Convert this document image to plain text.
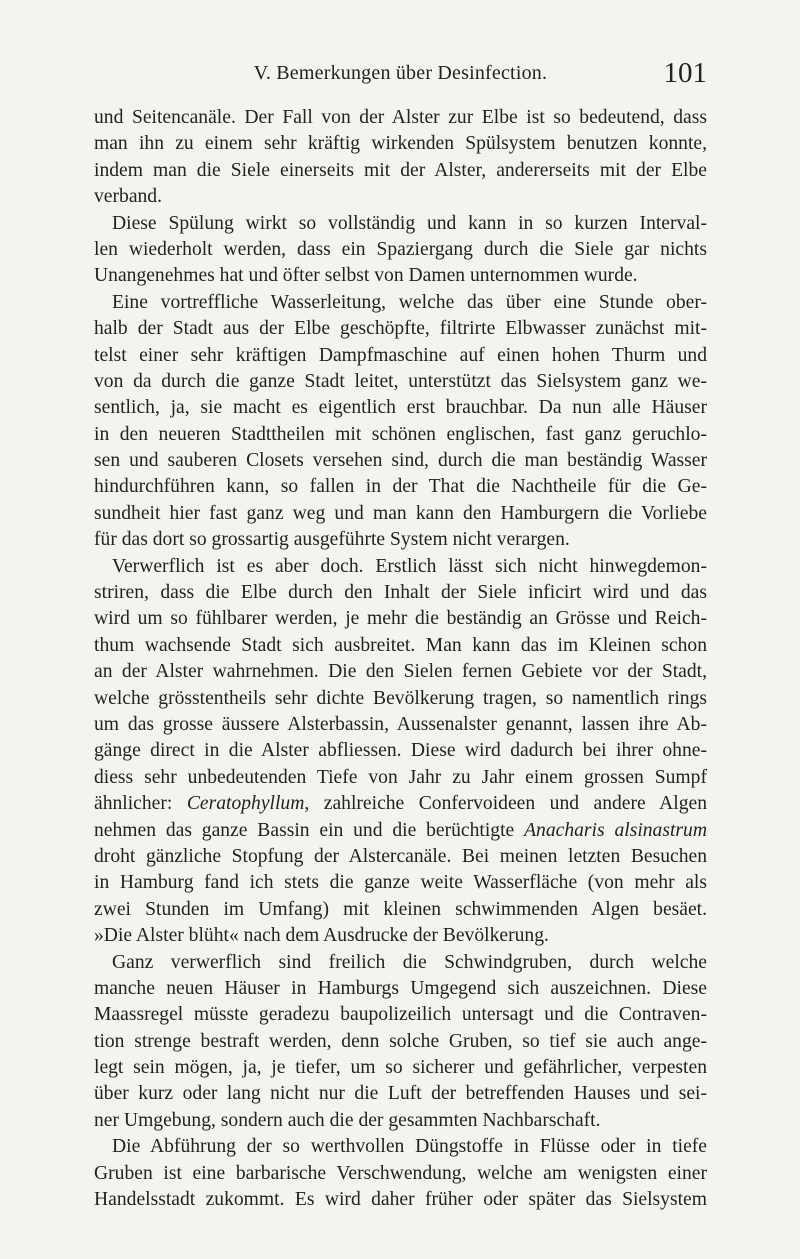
V. Bemerkungen über Desinfection.	101
und Seitencanäle. Der Fall von der Alster zur Elbe ist so bedeutend, dass
man ihn zu einem sehr kräftig wirkenden Spülsystem benutzen konnte,
indem man die Siele einerseits mit der Alster, andererseits mit der Elbe
verband.
Diese Spülung wirkt so vollständig und kann in so kurzen Interval-
len wiederholt werden, dass ein Spaziergang durch die Siele gar nichts
Unangenehmes hat und öfter selbst von Damen unternommen wurde.
Eine vortreffliche Wasserleitung, welche das über eine Stunde ober-
halb der Stadt aus der Elbe geschöpfte, filtrirte Elbwasser zunächst mit-
telst einer sehr kräftigen Dampfmaschine auf einen hohen Thurm und
von da durch die ganze Stadt leitet, unterstützt das Sielsystem ganz we-
sentlich, ja, sie macht es eigentlich erst brauchbar. Da nun alle Häuser
in den neueren Stadttheilen mit schönen englischen, fast ganz geruchlo-
sen und sauberen Closets versehen sind, durch die man beständig Wasser
hindurchführen kann, so fallen in der That die Nachtheile für die Ge-
sundheit hier fast ganz weg und man kann den Hamburgern die Vorliebe
für das dort so grossartig ausgeführte System nicht verargen.
Verwerflich ist es aber doch. Erstlich lässt sich nicht hinwegdemon-
striren, dass die Elbe durch den Inhalt der Siele inficirt wird und das
wird um so fühlbarer werden, je mehr die beständig an Grösse und Reich-
thum wachsende Stadt sich ausbreitet. Man kann das im Kleinen schon
an der Alster wahrnehmen. Die den Sielen fernen Gebiete vor der Stadt,
welche grösstentheils sehr dichte Bevölkerung tragen, so namentlich rings
um das grosse äussere Alsterbassin, Aussenalster genannt, lassen ihre Ab-
gänge direct in die Alster abfliessen. Diese wird dadurch bei ihrer ohne-
diess sehr unbedeutenden Tiefe von Jahr zu Jahr einem grossen Sumpf
ähnlicher: Ceratophyllum, zahlreiche Confervoideen und andere Algen
nehmen das ganze Bassin ein und die berüchtigte Anacharis alsinastrum
droht gänzliche Stopfung der Alstercanäle. Bei meinen letzten Besuchen
in Hamburg fand ich stets die ganze weite Wasserfläche (von mehr als
zwei Stunden im Umfang) mit kleinen schwimmenden Algen besäet.
»Die Alster blüht« nach dem Ausdrucke der Bevölkerung.
Ganz verwerflich sind freilich die Schwindgruben, durch welche
manche neuen Häuser in Hamburgs Umgegend sich auszeichnen. Diese
Maassregel müsste geradezu baupolizeilich untersagt und die Contraven-
tion strenge bestraft werden, denn solche Gruben, so tief sie auch ange-
legt sein mögen, ja, je tiefer, um so sicherer und gefährlicher, verpesten
über kurz oder lang nicht nur die Luft der betreffenden Hauses und sei-
ner Umgebung, sondern auch die der gesammten Nachbarschaft.
Die Abführung der so werthvollen Düngstoffe in Flüsse oder in tiefe
Gruben ist eine barbarische Verschwendung, welche am wenigsten einer
Handelsstadt zukommt. Es wird daher früher oder später das Sielsystem
